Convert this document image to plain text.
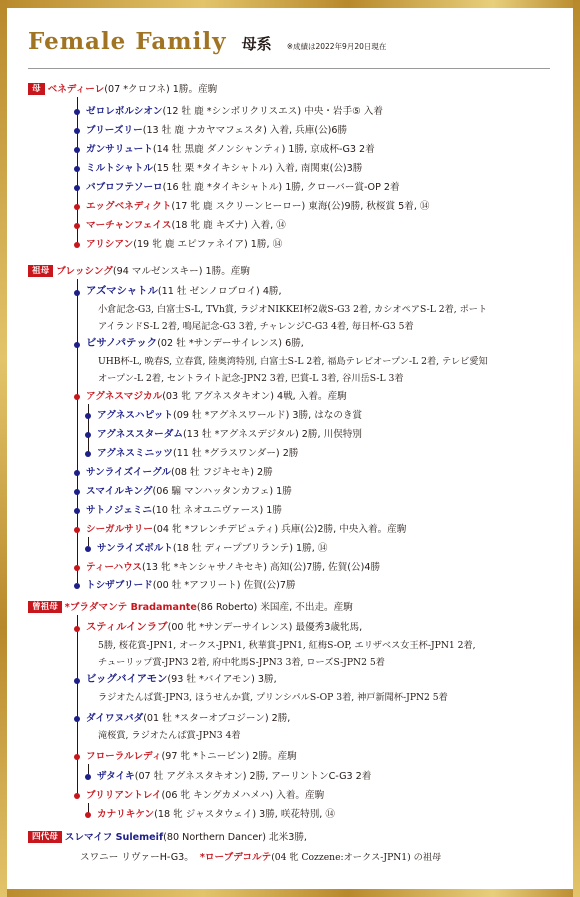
Female Family 母系 ※成績は2022年9月20日現在
母 ベネディーレ(07 *クロフネ) 1勝。産駒
ゼロレボルシオン(12 牡 鹿 *シンボリクリスエス) 中央・岩手⑤ 入着
ブリーズリー(13 牡 鹿 ナカヤマフェスタ) 入着, 兵庫(公)6勝
ガンサリュート(14 牡 黒鹿 ダノンシャンティ) 1勝, 京成杯-G3 2着
ミルトシャトル(15 牡 栗 *タイキシャトル) 入着, 南関東(公)3勝
パブロフテソーロ(16 牡 鹿 *タイキシャトル) 1勝, クローバー賞-OP 2着
エッグベネディクト(17 牝 鹿 スクリーンヒーロー) 東海(公)9勝, 秋桜賞 5着, ⑭
マーチャンフェイス(18 牝 鹿 キズナ) 入着, ⑭
アリシアン(19 牝 鹿 エピファネイア) 1勝, ⑭
祖母 ブレッシング(94 マルゼンスキー) 1勝。産駒
アズマシャトル(11 牡 ゼンノロブロイ) 4勝,
小倉記念-G3, 白富士S-L, TVh賞, ラジオNIKKEI杯2歳S-G3 2着, カシオペアS-L 2着, ポート
アイランドS-L 2着, 鳴尾記念-G3 3着, チャレンジC-G3 4着, 毎日杯-G3 5着
ビサノパテック(02 牡 *サンデーサイレンス) 6勝,
UHB杯-L, 晩春S, 立春賞, 陸奥湾特別, 白富士S-L 2着, 福島テレビオープン-L 2着, テレビ愛知
オープン-L 2着, セントライト記念-JPN2 3着, 巴賞-L 3着, 谷川岳S-L 3着
アグネスマジカル(03 牝 アグネスタキオン) 4戦, 入着。産駒
アグネスハピット(09 牡 *アグネスワールド) 3勝, はなのき賞
アグネススターダム(13 牡 *アグネスデジタル) 2勝, 川俣特別
アグネスミニッツ(11 牡 *グラスワンダー) 2勝
サンライズイーグル(08 牡 フジキセキ) 2勝
スマイルキング(06 騸 マンハッタンカフェ) 1勝
サトノジェミニ(10 牡 ネオユニヴァース) 1勝
シーガルサリー(04 牝 *フレンチデピュティ) 兵庫(公)2勝, 中央入着。産駒
サンライズボルト(18 牡 ディープブリランテ) 1勝, ⑭
ティーハウス(13 牝 *キンシャサノキセキ) 高知(公)7勝, 佐賀(公)4勝
トシザブリード(00 牡 *アフリート) 佐賀(公)7勝
曾祖母 *ブラダマンテ Bradamante(86 Roberto) 米国産, 不出走。産駒
スティルインラブ(00 牝 *サンデーサイレンス) 最優秀3歳牝馬,
5勝, 桜花賞-JPN1, オークス-JPN1, 秋華賞-JPN1, 紅梅S-OP, エリザベス女王杯-JPN1 2着,
チューリップ賞-JPN3 2着, 府中牝馬S-JPN3 3着, ローズS-JPN2 5着
ビッグバイアモン(93 牡 *バイアモン) 3勝,
ラジオたんぱ賞-JPN3, ほうせんか賞, プリンシパルS-OP 3着, 神戸新聞杯-JPN2 5着
ダイワヌバダ(01 牡 *スターオブコジーン) 2勝,
滝桜賞, ラジオたんぱ賞-JPN3 4着
フローラルレディ(97 牝 *トニービン) 2勝。産駒
ザタイキ(07 牡 アグネスタキオン) 2勝, アーリントンC-G3 2着
ブリリアントレイ(06 牝 キングカメハメハ) 入着。産駒
カナリキケン(18 牝 ジャスタウェイ) 3勝, 咲花特別, ⑭
四代母 スレマイフ Sulemeif(80 Northern Dancer) 北米3勝,
スワニー リヴァーH-G3。 *ローブデコルテ(04 牝 Cozzene:オークス-JPN1) の祖母
